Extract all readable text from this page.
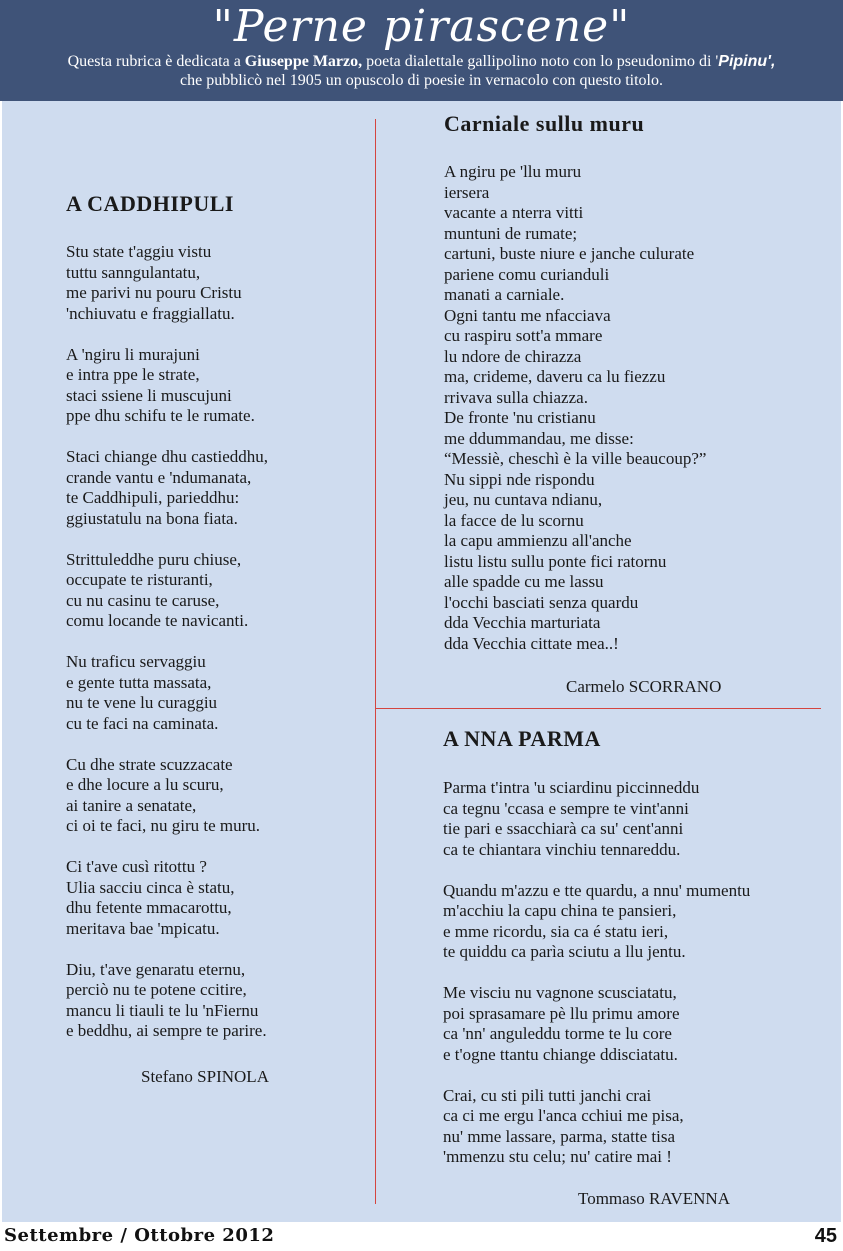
"Perne pirascene"
Questa rubrica è dedicata a Giuseppe Marzo, poeta dialettale gallipolino noto con lo pseudonimo di 'Pipinu',
che pubblicò nel 1905 un opuscolo di poesie in vernacolo con questo titolo.
A CADDHIPULI
Stu state t'aggiu vistu
tuttu sanngulantatu,
me parivi nu pouru Cristu
'nchiuvatu e fraggiallatu.
A 'ngiru li murajuni
e intra ppe le strate,
staci ssiene li muscujuni
ppe dhu schifu te le rumate.
Staci chiange dhu castieddhu,
crande vantu e 'ndumanata,
te Caddhipuli, parieddhu:
ggiustatulu na bona fiata.
Strittuleddhe puru chiuse,
occupate te risturanti,
cu nu casinu te caruse,
comu locande te navicanti.
Nu traficu servaggiu
e gente tutta massata,
nu te vene lu curaggiu
cu te faci na caminata.
Cu dhe strate scuzzacate
e dhe locure a lu scuru,
ai tanire a senatate,
ci oi te faci, nu giru te muru.
Ci t'ave cusì ritottu ?
Ulia sacciu cinca è statu,
dhu fetente mmacarottu,
meritava bae 'mpicatu.
Diu, t'ave genaratu eternu,
perciò nu te potene ccitire,
mancu li tiauli te lu 'nFiernu
e beddhu, ai sempre te parire.
Stefano SPINOLA
Carniale sullu muru
A ngiru pe 'llu muru
iersera
vacante a nterra vitti
muntuni de rumate;
cartuni, buste niure e janche culurate
pariene comu curianduli
manati a carniale.
Ogni tantu me nfacciava
cu raspiru sott'a mmare
lu ndore de chirazza
ma, crideme, daveru ca lu fiezzu
rrivava sulla chiazza.
De fronte 'nu cristianu
me ddummandau, me disse:
“Messiè, cheschì è la ville beaucoup?”
Nu sippi nde rispondu
jeu, nu cuntava ndianu,
la facce de lu scornu
la capu ammienzu all'anche
listu listu sullu ponte fici ratornu
alle spadde cu me lassu
l'occhi basciati senza quardu
dda Vecchia marturiata
dda Vecchia cittate mea..!
Carmelo SCORRANO
A NNA PARMA
Parma t'intra 'u sciardinu piccinneddu
ca tegnu 'ccasa e sempre te vint'anni
tie pari e ssacchiarà ca su' cent'anni
ca te chiantara vinchiu tennareddu.
Quandu m'azzu e tte quardu, a nnu' mumentu
m'acchiu la capu china te pansieri,
e mme ricordu, sia ca é statu ieri,
te quiddu ca parìa sciutu a llu jentu.
Me visciu nu vagnone scusciatatu,
poi sprasamare pè llu primu amore
ca 'nn' anguleddu torme te lu core
e t'ogne ttantu chiange ddisciatatu.
Crai, cu sti pili tutti janchi crai
ca ci me ergu l'anca cchiui me pisa,
nu' mme lassare, parma, statte tisa
'mmenzu stu celu; nu' catire mai !
Tommaso RAVENNA
Settembre / Ottobre 2012	45
